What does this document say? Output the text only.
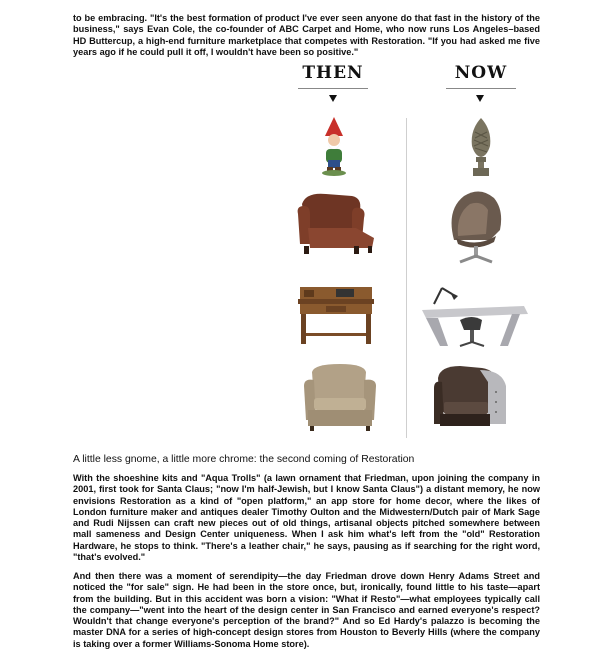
to be embracing. "It's the best formation of product I've ever seen anyone do that fast in the history of the business," says Evan Cole, the co-founder of ABC Carpet and Home, who now runs Los Angeles–based HD Buttercup, a high-end furniture marketplace that competes with Restoration. "If you had asked me five years ago if he could pull it off, I wouldn't have been so positive."

THEN	NOW

A little less gnome, a little more chrome: the second coming of Restoration

With the shoeshine kits and "Aqua Trolls" (a lawn ornament that Friedman, upon joining the company in 2001, first took for Santa Claus; "now I'm half-Jewish, but I know Santa Claus") a distant memory, he now envisions Restoration as a kind of "open platform," an app store for home decor, where the likes of London furniture maker and antiques dealer Timothy Oulton and the Midwestern/Dutch pair of Mark Sage and Rudi Nijssen can craft new pieces out of old things, artisanal objects pitched somewhere between mall sameness and Design Center uniqueness. When I ask him what's left from the "old" Restoration Hardware, he stops to think. "There's a leather chair," he says, pausing as if searching for the right word, "that's evolved."

And then there was a moment of serendipity—the day Friedman drove down Henry Adams Street and noticed the "for sale" sign. He had been in the store once, but, ironically, found little to his taste—apart from the building. But in this accident was born a vision: "What if Resto"—what employees typically call the company—"went into the heart of the design center in San Francisco and earned everyone's respect? Wouldn't that change everyone's perception of the brand?" And so Ed Hardy's palazzo is becoming the master DNA for a series of high-concept design stores from Houston to Beverly Hills (where the company is taking over a former Williams-Sonoma Home store).
